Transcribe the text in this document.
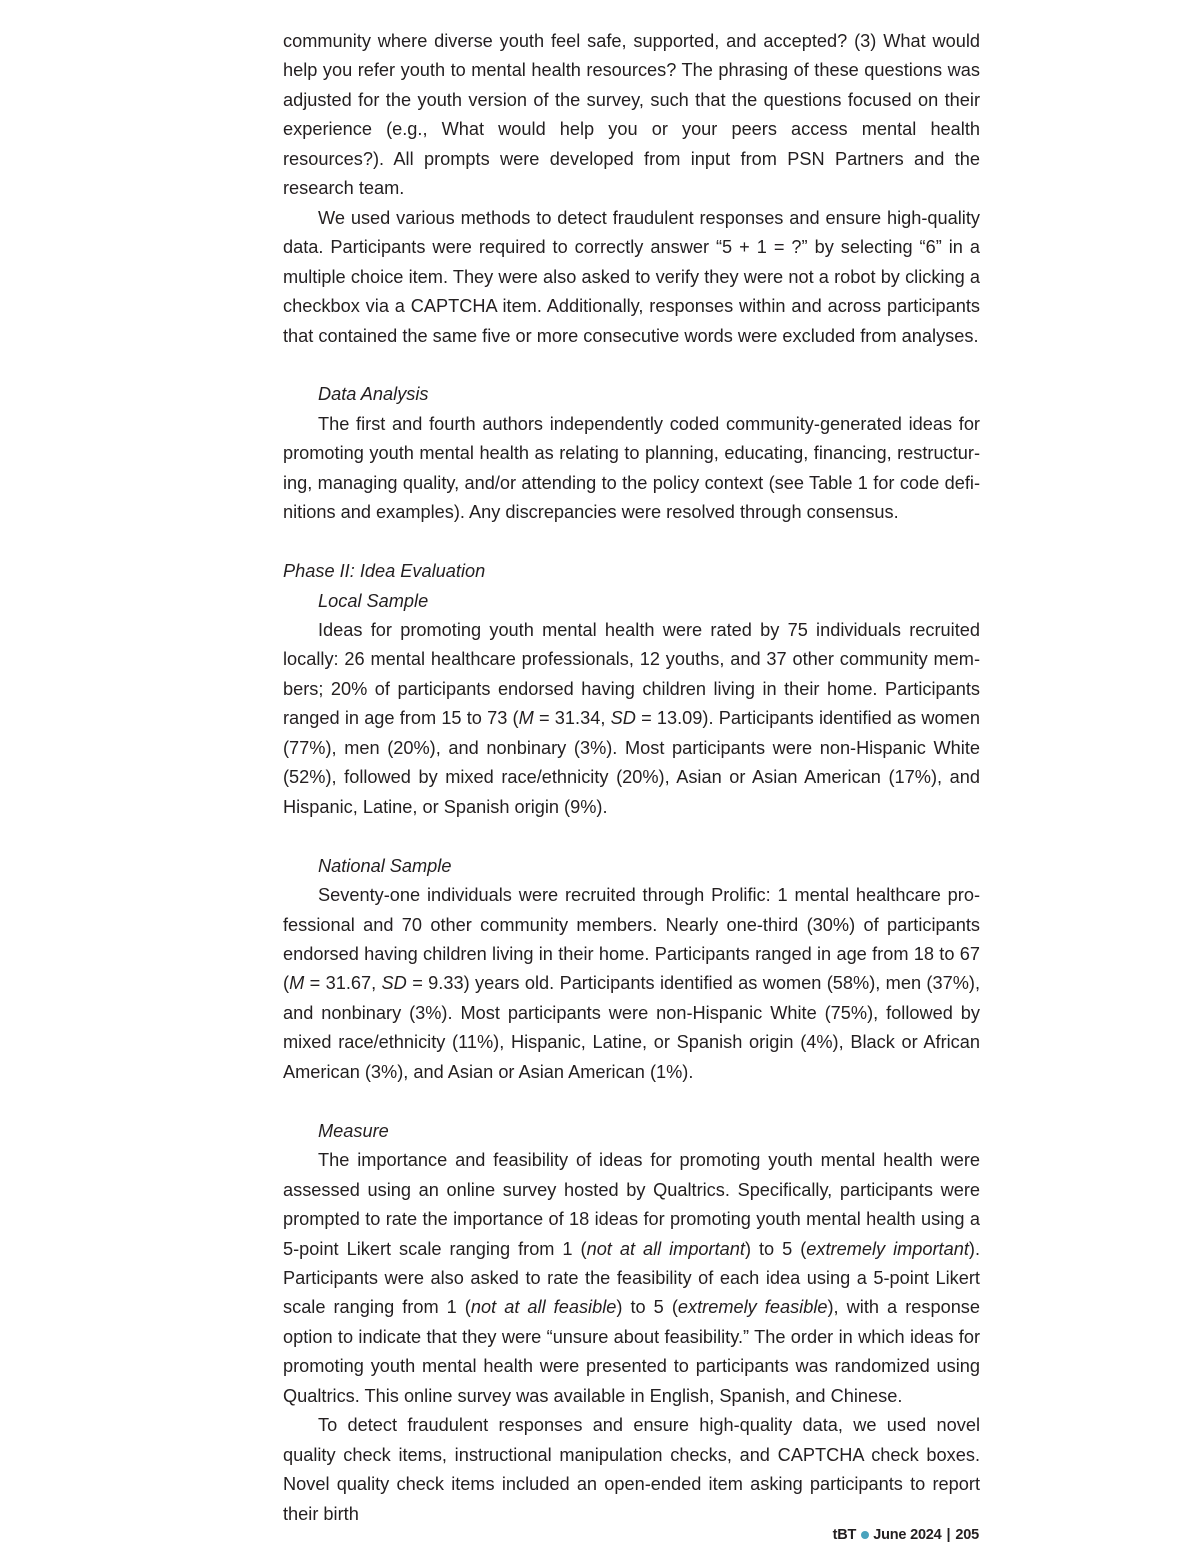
community where diverse youth feel safe, supported, and accepted? (3) What would help you refer youth to mental health resources? The phrasing of these questions was adjusted for the youth version of the survey, such that the questions focused on their experience (e.g., What would help you or your peers access mental health resources?). All prompts were developed from input from PSN Partners and the research team.

We used various methods to detect fraudulent responses and ensure high-quality data. Participants were required to correctly answer “5 + 1 = ?” by selecting “6” in a multiple choice item. They were also asked to verify they were not a robot by clicking a checkbox via a CAPTCHA item. Additionally, responses within and across participants that contained the same five or more consecutive words were excluded from analyses.

Data Analysis

The first and fourth authors independently coded community-generated ideas for promoting youth mental health as relating to planning, educating, financing, restructuring, managing quality, and/or attending to the policy context (see Table 1 for code definitions and examples). Any discrepancies were resolved through consensus.

Phase II: Idea Evaluation

Local Sample

Ideas for promoting youth mental health were rated by 75 individuals recruited locally: 26 mental healthcare professionals, 12 youths, and 37 other community members; 20% of participants endorsed having children living in their home. Participants ranged in age from 15 to 73 (M = 31.34, SD = 13.09). Participants identified as women (77%), men (20%), and nonbinary (3%). Most participants were non-Hispanic White (52%), followed by mixed race/ethnicity (20%), Asian or Asian American (17%), and Hispanic, Latine, or Spanish origin (9%).

National Sample

Seventy-one individuals were recruited through Prolific: 1 mental healthcare professional and 70 other community members. Nearly one-third (30%) of participants endorsed having children living in their home. Participants ranged in age from 18 to 67 (M = 31.67, SD = 9.33) years old. Participants identified as women (58%), men (37%), and nonbinary (3%). Most participants were non-Hispanic White (75%), followed by mixed race/ethnicity (11%), Hispanic, Latine, or Spanish origin (4%), Black or African American (3%), and Asian or Asian American (1%).

Measure

The importance and feasibility of ideas for promoting youth mental health were assessed using an online survey hosted by Qualtrics. Specifically, participants were prompted to rate the importance of 18 ideas for promoting youth mental health using a 5-point Likert scale ranging from 1 (not at all important) to 5 (extremely important). Participants were also asked to rate the feasibility of each idea using a 5-point Likert scale ranging from 1 (not at all feasible) to 5 (extremely feasible), with a response option to indicate that they were “unsure about feasibility.” The order in which ideas for promoting youth mental health were presented to participants was randomized using Qualtrics. This online survey was available in English, Spanish, and Chinese.

To detect fraudulent responses and ensure high-quality data, we used novel quality check items, instructional manipulation checks, and CAPTCHA check boxes. Novel quality check items included an open-ended item asking participants to report their birth

tBT June 2024 | 205
